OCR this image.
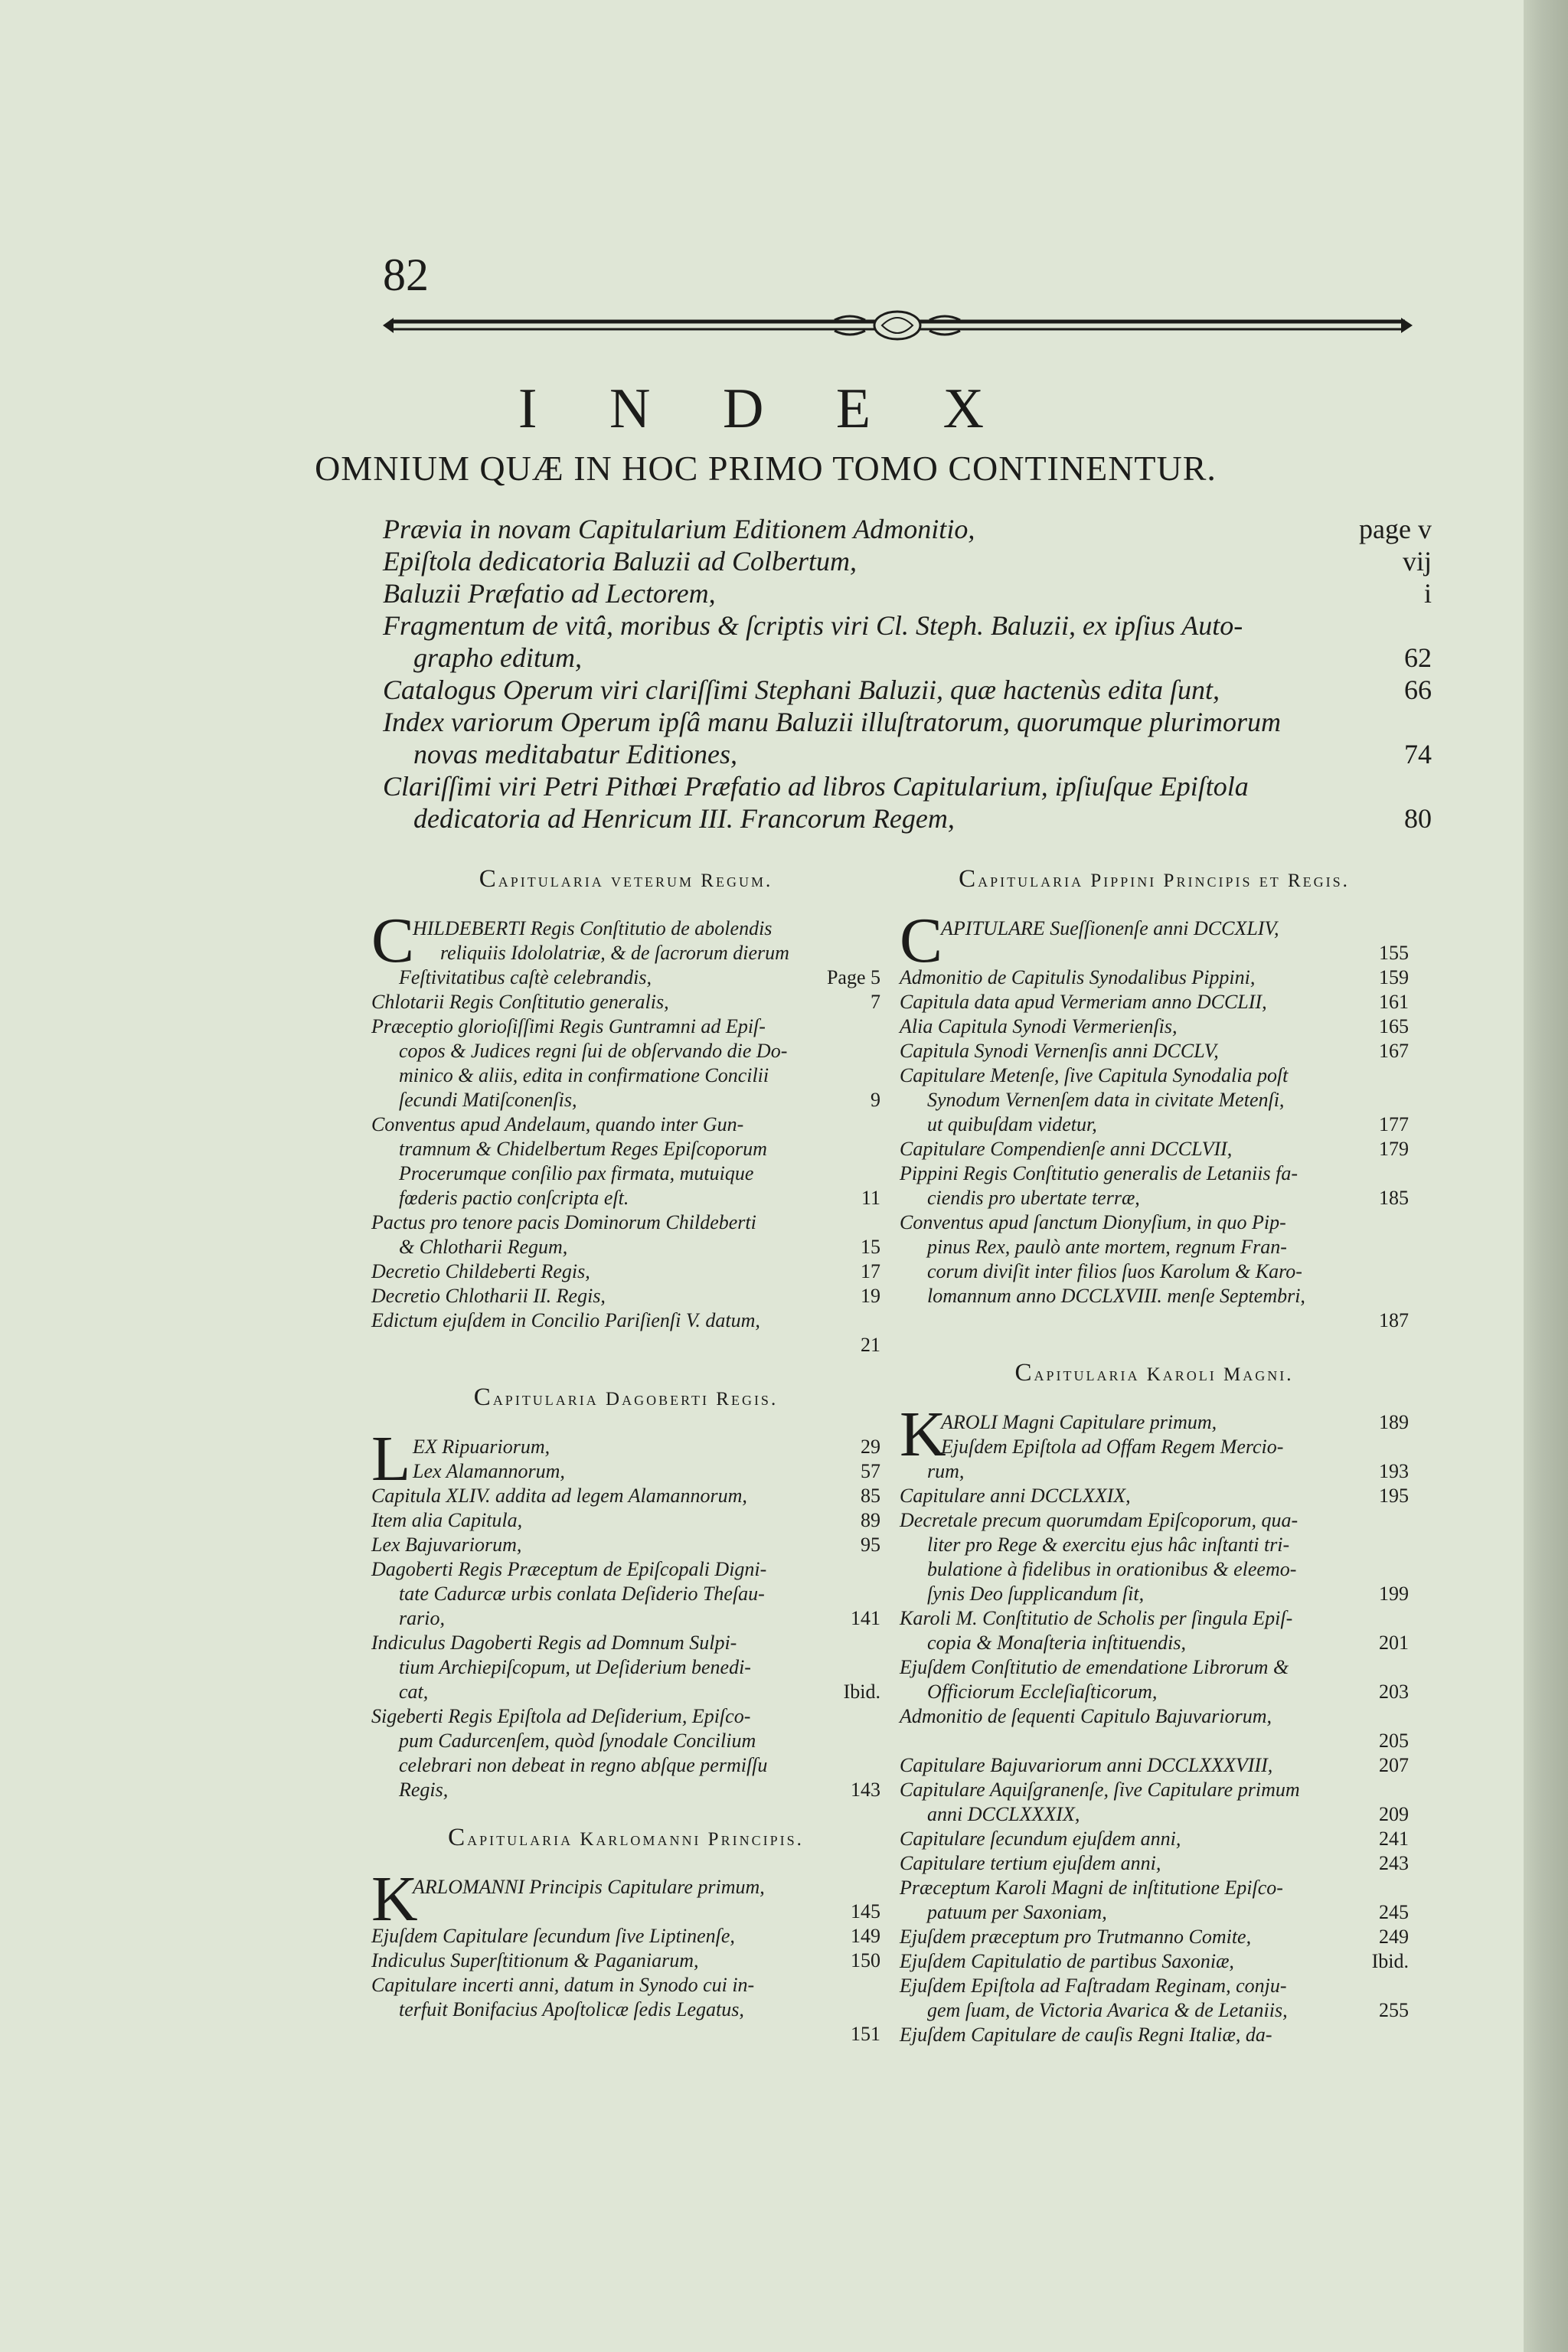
82
I N D E X
OMNIUM QUÆ IN HOC PRIMO TOMO CONTINENTUR.
Prævia in novam Capitularium Editionem Admonitio,	page v
Epiſtola dedicatoria Baluzii ad Colbertum,	vij
Baluzii Præfatio ad Lectorem,	i
Fragmentum de vitâ, moribus & ſcriptis viri Cl. Steph. Baluzii, ex ipſius Auto-
grapho editum,	62
Catalogus Operum viri clariſſimi Stephani Baluzii, quæ hactenùs edita ſunt,	66
Index variorum Operum ipſâ manu Baluzii illuſtratorum, quorumque plurimorum
novas meditabatur Editiones,	74
Clariſſimi viri Petri Pithœi Præfatio ad libros Capitularium, ipſiuſque Epiſtola
dedicatoria ad Henricum III. Francorum Regem,	80
Capitularia veterum Regum.
C
HILDEBERTI Regis Conſtitutio de abolendis
reliquiis Idololatriæ, & de ſacrorum dierum
Feſtivitatibus caſtè celebrandis,	Page 5
Chlotarii Regis Conſtitutio generalis,	7
Præceptio glorioſiſſimi Regis Guntramni ad Epiſ-
copos & Judices regni ſui de obſervando die Do-
minico & aliis, edita in confirmatione Concilii
ſecundi Matiſconenſis,	9
Conventus apud Andelaum, quando inter Gun-
tramnum & Chidelbertum Reges Epiſcoporum
Procerumque conſilio pax firmata, mutuique
fœderis pactio conſcripta eſt.	11
Pactus pro tenore pacis Dominorum Childeberti
& Chlotharii Regum,	15
Decretio Childeberti Regis,	17
Decretio Chlotharii II. Regis,	19
Edictum ejuſdem in Concilio Pariſienſi V. datum,
21
Capitularia Dagoberti Regis.
L EX Ripuariorum,	29
Lex Alamannorum,	57
Capitula XLIV. addita ad legem Alamannorum,	85
Item alia Capitula,	89
Lex Bajuvariorum,	95
Dagoberti Regis Præceptum de Epiſcopali Digni-
tate Cadurcæ urbis conlata Deſiderio Theſau-
rario,	141
Indiculus Dagoberti Regis ad Domnum Sulpi-
tium Archiepiſcopum, ut Deſiderium benedi-
cat,	Ibid.
Sigeberti Regis Epiſtola ad Deſiderium, Epiſco-
pum Cadurcenſem, quòd ſynodale Concilium
celebrari non debeat in regno abſque permiſſu
Regis,	143
Capitularia Karlomanni Principis.
K
ARLOMANNI Principis Capitulare primum,
145
Ejuſdem Capitulare ſecundum ſive Liptinenſe,	149
Indiculus Superſtitionum & Paganiarum,	150
Capitulare incerti anni, datum in Synodo cui in-
terfuit Bonifacius Apoſtolicæ ſedis Legatus,
151
Capitularia Pippini Principis et Regis.
C
APITULARE Sueſſionenſe anni DCCXLIV,
155
Admonitio de Capitulis Synodalibus Pippini,	159
Capitula data apud Vermeriam anno DCCLII,	161
Alia Capitula Synodi Vermerienſis,	165
Capitula Synodi Vernenſis anni DCCLV,	167
Capitulare Metenſe, ſive Capitula Synodalia poſt
Synodum Vernenſem data in civitate Metenſi,
ut quibuſdam videtur,	177
Capitulare Compendienſe anni DCCLVII,	179
Pippini Regis Conſtitutio generalis de Letaniis fa-
ciendis pro ubertate terræ,	185
Conventus apud ſanctum Dionyſium, in quo Pip-
pinus Rex, paulò ante mortem, regnum Fran-
corum diviſit inter filios ſuos Karolum & Karo-
lomannum anno DCCLXVIII. menſe Septembri,
187
Capitularia Karoli Magni.
K
AROLI Magni Capitulare primum,	189
Ejuſdem Epiſtola ad Offam Regem Mercio-
rum,	193
Capitulare anni DCCLXXIX,	195
Decretale precum quorumdam Epiſcoporum, qua-
liter pro Rege & exercitu ejus hâc inſtanti tri-
bulatione à fidelibus in orationibus & eleemo-
ſynis Deo ſupplicandum ſit,	199
Karoli M. Conſtitutio de Scholis per ſingula Epiſ-
copia & Monaſteria inſtituendis,	201
Ejuſdem Conſtitutio de emendatione Librorum &
Officiorum Eccleſiaſticorum,	203
Admonitio de ſequenti Capitulo Bajuvariorum,
205
Capitulare Bajuvariorum anni DCCLXXXVIII,	207
Capitulare Aquiſgranenſe, ſive Capitulare primum
anni DCCLXXXIX,	209
Capitulare ſecundum ejuſdem anni,	241
Capitulare tertium ejuſdem anni,	243
Præceptum Karoli Magni de inſtitutione Epiſco-
patuum per Saxoniam,	245
Ejuſdem præceptum pro Trutmanno Comite,	249
Ejuſdem Capitulatio de partibus Saxoniæ,	Ibid.
Ejuſdem Epiſtola ad Faſtradam Reginam, conju-
gem ſuam, de Victoria Avarica & de Letaniis,	255
Ejuſdem Capitulare de cauſis Regni Italiæ, da-
